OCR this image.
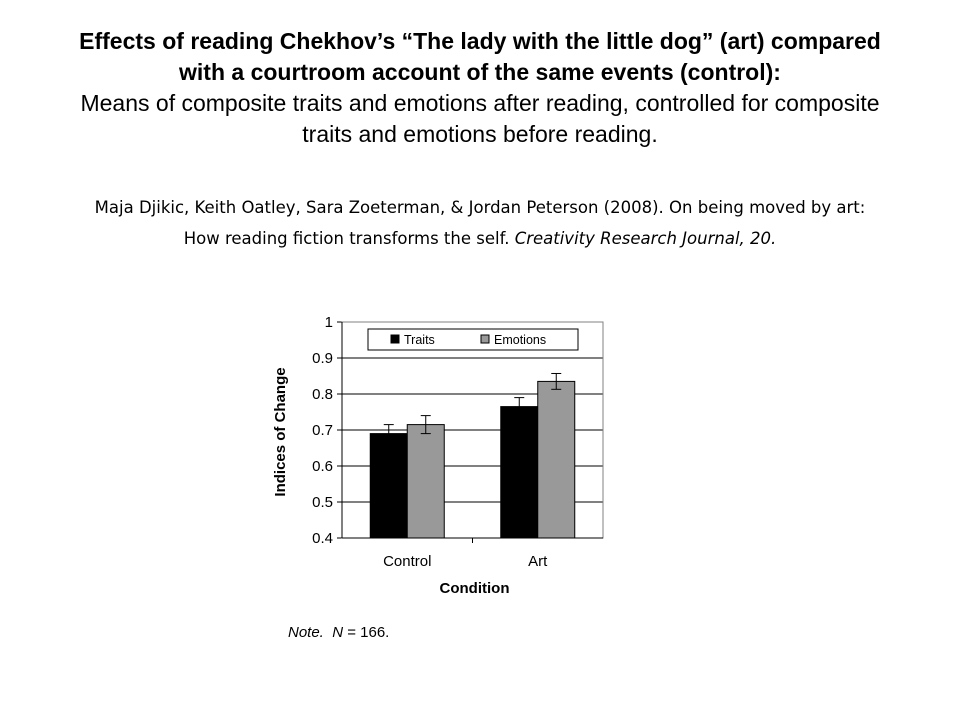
Effects of reading Chekhov’s “The lady with the little dog” (art) compared
with a courtroom account of the same events (control):
Means of composite traits and emotions after reading, controlled for composite
traits and emotions before reading.
Maja Djikic, Keith Oatley, Sara Zoeterman, & Jordan Peterson (2008). On being moved by art:
How reading fiction transforms the self. Creativity Research Journal, 20.
0.4
0.5
0.6
0.7
0.8
0.9
1
Control	Art
Condition
Indices of Change
Traits	Emotions
Note. N = 166.
